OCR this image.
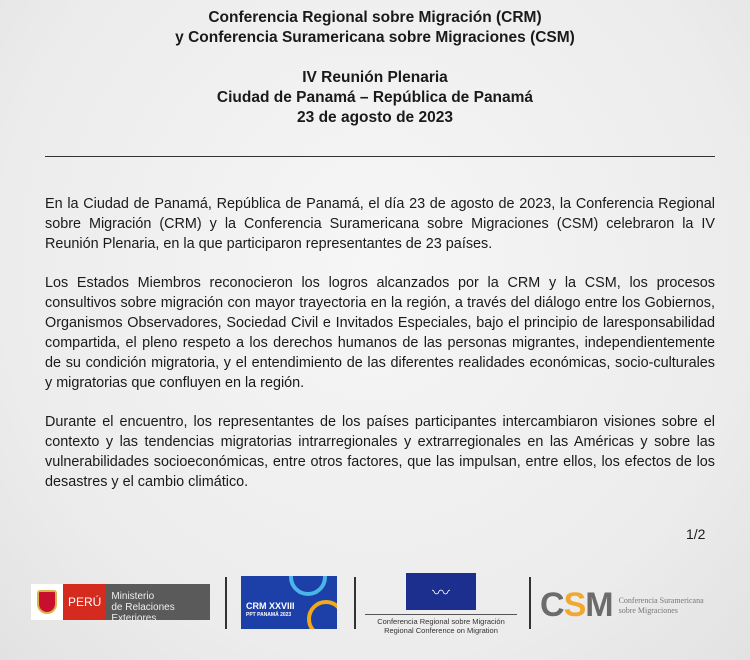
Conferencia Regional sobre Migración (CRM)
y Conferencia Suramericana sobre Migraciones (CSM)
IV Reunión Plenaria
Ciudad de Panamá – República de Panamá
23 de agosto de 2023

En la Ciudad de Panamá, República de Panamá, el día 23 de agosto de 2023, la Conferencia Regional sobre Migración (CRM) y la Conferencia Suramericana sobre Migraciones (CSM) celebraron la IV Reunión Plenaria, en la que participaron representantes de 23 países.

Los Estados Miembros reconocieron los logros alcanzados por la CRM y la CSM, los procesos consultivos sobre migración con mayor trayectoria en la región, a través del diálogo entre los Gobiernos, Organismos Observadores, Sociedad Civil e Invitados Especiales, bajo el principio de laresponsabilidad compartida, el pleno respeto a los derechos humanos de las personas migrantes, independientemente de su condición migratoria, y el entendimiento de las diferentes realidades económicas, socio-culturales y migratorias que confluyen en la región.

Durante el encuentro, los representantes de los países participantes intercambiaron visiones sobre el contexto y las tendencias migratorias intrarregionales y extrarregionales en las Américas y sobre las vulnerabilidades socioeconómicas, entre otros factores, que las impulsan, entre ellos, los efectos de los desastres y el cambio climático.

1/2
PERÚ	Ministerio
de Relaciones Exteriores
CRM XXVIII
PPT PANAMÁ 2023
〰
Conferencia Regional sobre Migración
Regional Conference on Migration
CSM Conferencia Suramericana
sobre Migraciones
